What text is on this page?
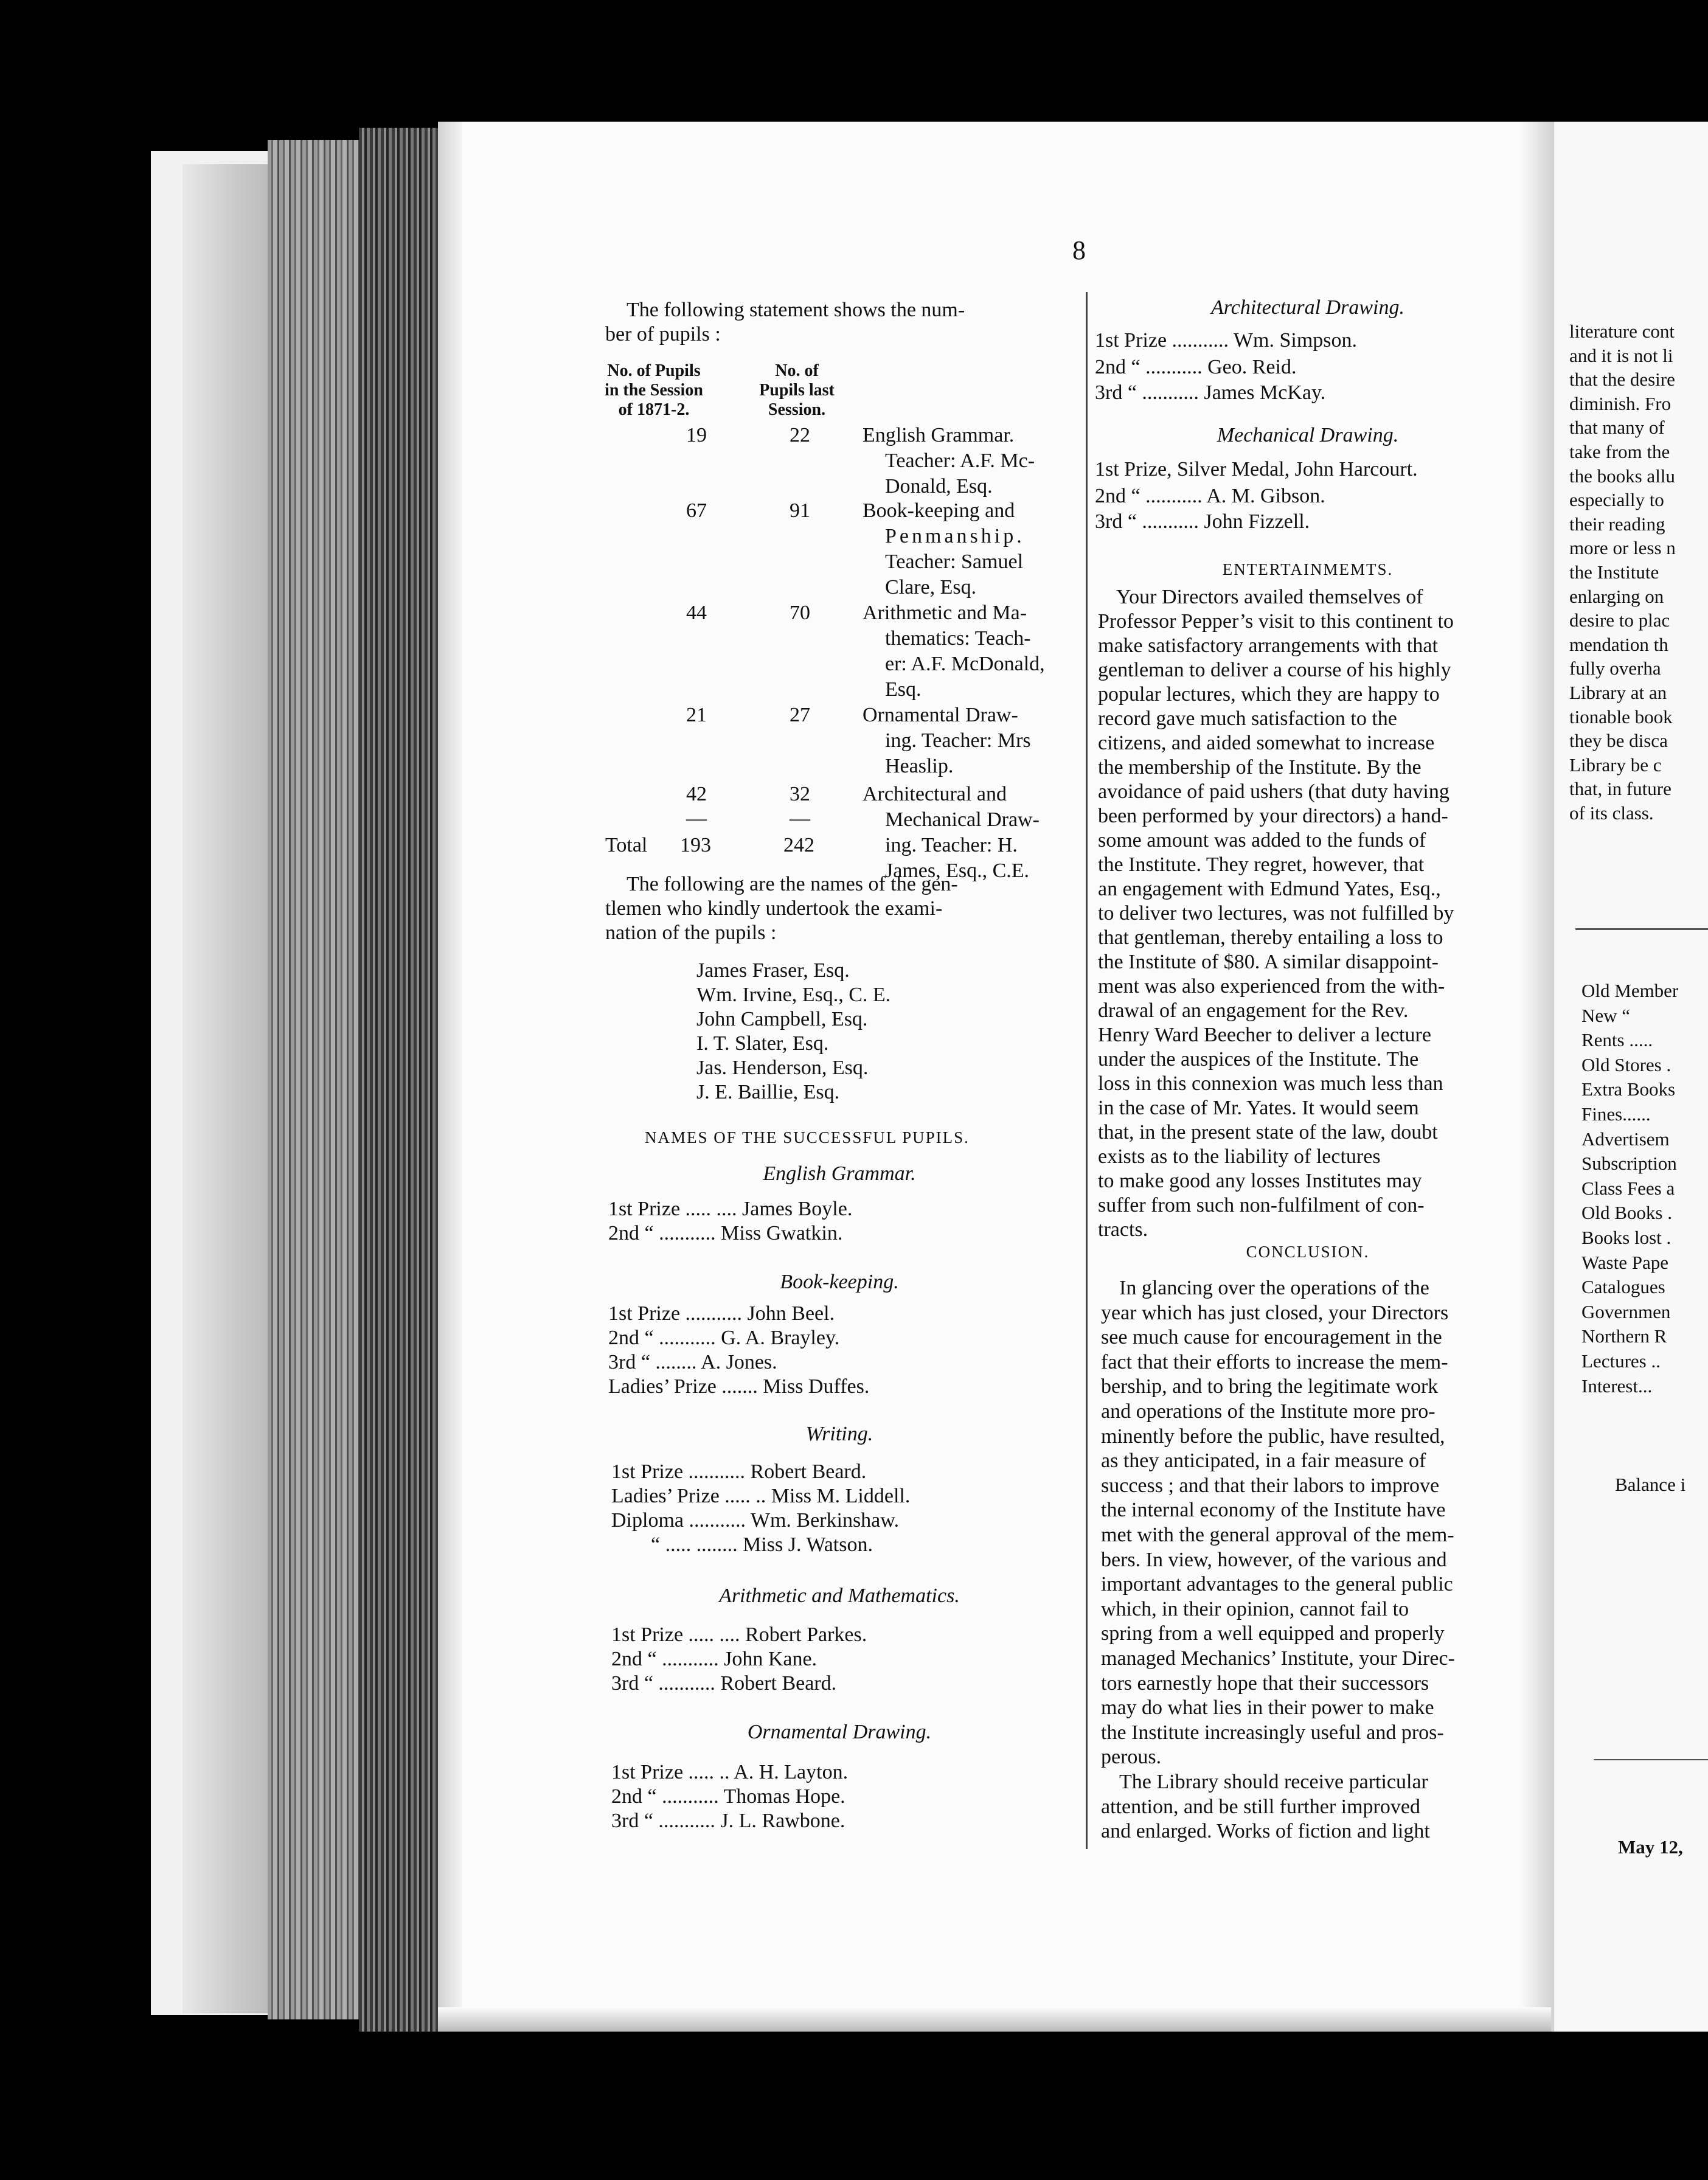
8
The following statement shows the num-
ber of pupils :
No. of Pupils
in the Session
of 1871-2.
No. of
Pupils last
Session.
19	22	English Grammar.
Teacher: A.F. Mc-
Donald, Esq.
67	91	Book-keeping and
Penmanship.
Teacher: Samuel
Clare, Esq.
44	70	Arithmetic and Ma-
thematics: Teach-
er: A.F. McDonald,
Esq.
21	27	Ornamental Draw-
ing. Teacher: Mrs
Heaslip.
42	32	Architectural and
Mechanical Draw-
ing. Teacher: H.
James, Esq., C.E.
—	—
Total 193	242
The following are the names of the gen-
tlemen who kindly undertook the exami-
nation of the pupils :
James Fraser, Esq.
Wm. Irvine, Esq., C. E.
John Campbell, Esq.
I. T. Slater, Esq.
Jas. Henderson, Esq.
J. E. Baillie, Esq.
NAMES OF THE SUCCESSFUL PUPILS.
English Grammar.
1st Prize ..... .... James Boyle.
2nd “ ........... Miss Gwatkin.
Book-keeping.
1st Prize ........... John Beel.
2nd “ ........... G. A. Brayley.
3rd “ ........ A. Jones.
Ladies’ Prize ....... Miss Duffes.
Writing.
1st Prize ........... Robert Beard.
Ladies’ Prize ..... .. Miss M. Liddell.
Diploma ........... Wm. Berkinshaw.
“ ..... ........ Miss J. Watson.
Arithmetic and Mathematics.
1st Prize ..... .... Robert Parkes.
2nd “ ........... John Kane.
3rd “ ........... Robert Beard.
Ornamental Drawing.
1st Prize ..... .. A. H. Layton.
2nd “ ........... Thomas Hope.
3rd “ ........... J. L. Rawbone.
Architectural Drawing.
1st Prize ........... Wm. Simpson.
2nd “ ........... Geo. Reid.
3rd “ ........... James McKay.
Mechanical Drawing.
1st Prize, Silver Medal, John Harcourt.
2nd “ ........... A. M. Gibson.
3rd “ ........... John Fizzell.
ENTERTAINMEMTS.
Your Directors availed themselves of
Professor Pepper’s visit to this continent to
make satisfactory arrangements with that
gentleman to deliver a course of his highly
popular lectures, which they are happy to
record gave much satisfaction to the
citizens, and aided somewhat to increase
the membership of the Institute. By the
avoidance of paid ushers (that duty having
been performed by your directors) a hand-
some amount was added to the funds of
the Institute. They regret, however, that
an engagement with Edmund Yates, Esq.,
to deliver two lectures, was not fulfilled by
that gentleman, thereby entailing a loss to
the Institute of $80. A similar disappoint-
ment was also experienced from the with-
drawal of an engagement for the Rev.
Henry Ward Beecher to deliver a lecture
under the auspices of the Institute. The
loss in this connexion was much less than
in the case of Mr. Yates. It would seem
that, in the present state of the law, doubt
exists as to the liability of lectures
to make good any losses Institutes may
suffer from such non-fulfilment of con-
tracts.
CONCLUSION.
In glancing over the operations of the
year which has just closed, your Directors
see much cause for encouragement in the
fact that their efforts to increase the mem-
bership, and to bring the legitimate work
and operations of the Institute more pro-
minently before the public, have resulted,
as they anticipated, in a fair measure of
success ; and that their labors to improve
the internal economy of the Institute have
met with the general approval of the mem-
bers. In view, however, of the various and
important advantages to the general public
which, in their opinion, cannot fail to
spring from a well equipped and properly
managed Mechanics’ Institute, your Direc-
tors earnestly hope that their successors
may do what lies in their power to make
the Institute increasingly useful and pros-
perous.
The Library should receive particular
attention, and be still further improved
and enlarged. Works of fiction and light
literature cont
and it is not li
that the desire
diminish. Fro
that many of
take from the
the books allu
especially to
their reading
more or less n
the Institute
enlarging on
desire to plac
mendation th
fully overha
Library at an
tionable book
they be disca
Library be c
that, in future
of its class.
Old Member
New “
Rents .....
Old Stores .
Extra Books
Fines......
Advertisem
Subscription
Class Fees a
Old Books .
Books lost .
Waste Pape
Catalogues
Governmen
Northern R
Lectures ..
Interest...
Balance i
May 12,
